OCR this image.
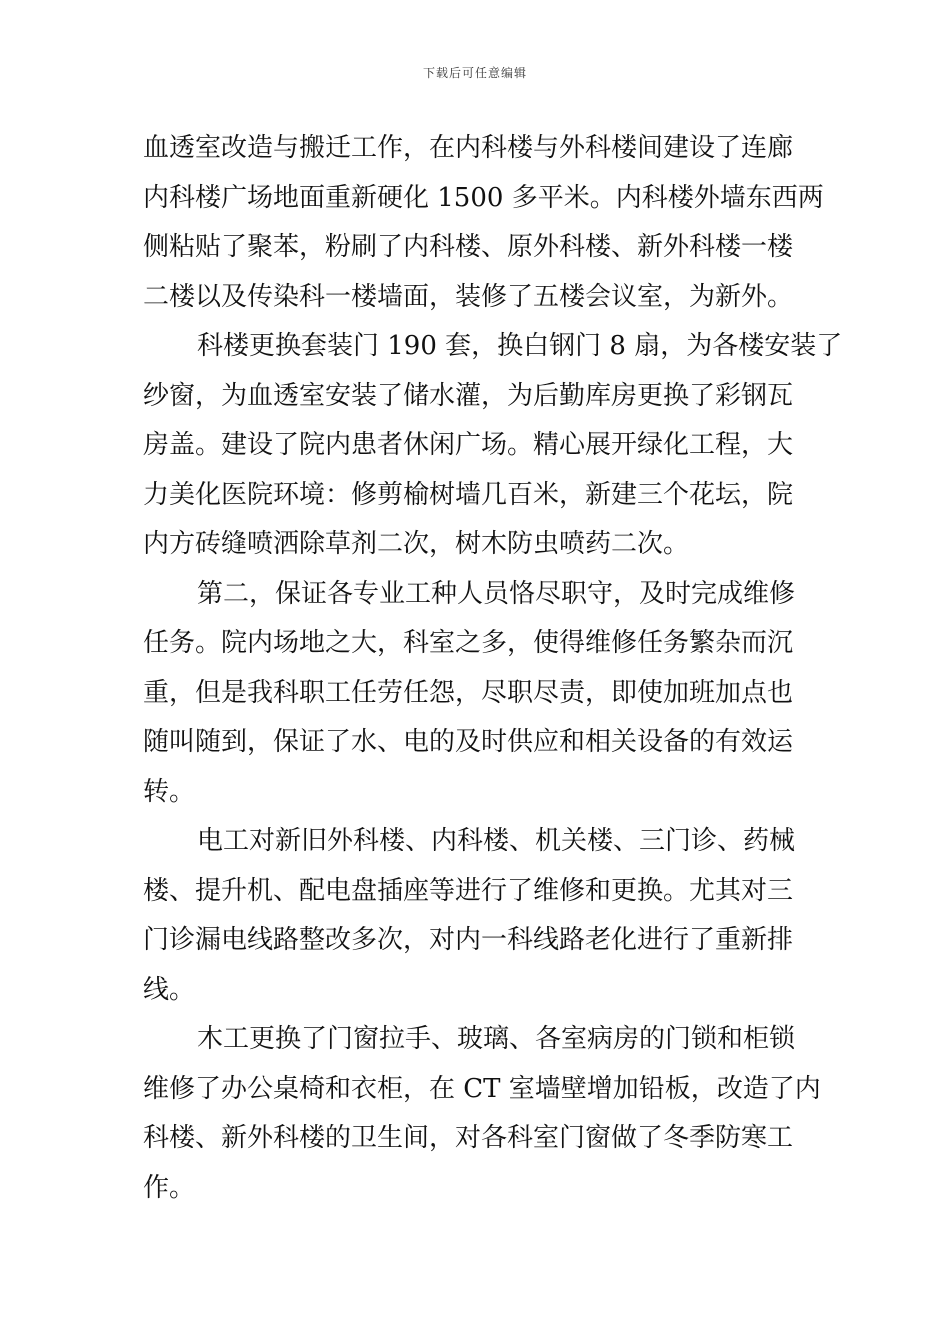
下载后可任意编辑
血透室改造与搬迁工作，在内科楼与外科楼间建设了连廊
内科楼广场地面重新硬化 1500 多平米。内科楼外墙东西两
侧粘贴了聚苯，粉刷了内科楼、原外科楼、新外科楼一楼
二楼以及传染科一楼墙面，装修了五楼会议室，为新外。
科楼更换套装门 190 套，换白钢门 8 扇，为各楼安装了
纱窗，为血透室安装了储水灌，为后勤库房更换了彩钢瓦
房盖。建设了院内患者休闲广场。精心展开绿化工程，大
力美化医院环境：修剪榆树墙几百米，新建三个花坛，院
内方砖缝喷洒除草剂二次，树木防虫喷药二次。
第二，保证各专业工种人员恪尽职守，及时完成维修
任务。院内场地之大，科室之多，使得维修任务繁杂而沉
重，但是我科职工任劳任怨，尽职尽责，即使加班加点也
随叫随到，保证了水、电的及时供应和相关设备的有效运
转。
电工对新旧外科楼、内科楼、机关楼、三门诊、药械
楼、提升机、配电盘插座等进行了维修和更换。尤其对三
门诊漏电线路整改多次，对内一科线路老化进行了重新排
线。
木工更换了门窗拉手、玻璃、各室病房的门锁和柜锁
维修了办公桌椅和衣柜，在 CT 室墙壁增加铅板，改造了内
科楼、新外科楼的卫生间，对各科室门窗做了冬季防寒工
作。
